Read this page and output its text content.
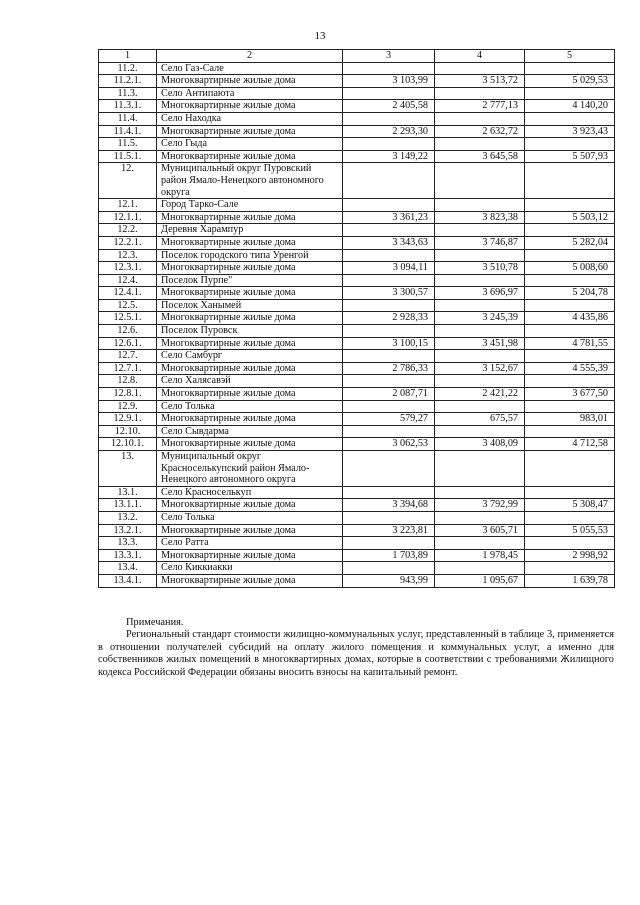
13
1	2	3	4	5
11.2.	Село Газ-Сале			
11.2.1.	Многоквартирные жилые дома	3 103,99	3 513,72	5 029,53
11.3.	Село Антипаюта			
11.3.1.	Многоквартирные жилые дома	2 405,58	2 777,13	4 140,20
11.4.	Село Находка			
11.4.1.	Многоквартирные жилые дома	2 293,30	2 632,72	3 923,43
11.5.	Село Гыда			
11.5.1.	Многоквартирные жилые дома	3 149,22	3 645,58	5 507,93
12.	Муниципальный округ Пуровский район Ямало-Ненецкого автономного округа			
12.1.	Город Тарко-Сале			
12.1.1.	Многоквартирные жилые дома	3 361,23	3 823,38	5 503,12
12.2.	Деревня Харампур			
12.2.1.	Многоквартирные жилые дома	3 343,63	3 746,87	5 282,04
12.3.	Поселок городского типа Уренгой			
12.3.1.	Многоквартирные жилые дома	3 094,11	3 510,78	5 008,60
12.4.	Поселок Пурпе"			
12.4.1.	Многоквартирные жилые дома	3 300,57	3 696,97	5 204,78
12.5.	Поселок Ханымей			
12.5.1.	Многоквартирные жилые дома	2 928,33	3 245,39	4 435,86
12.6.	Поселок Пуровск			
12.6.1.	Многоквартирные жилые дома	3 100,15	3 451,98	4 781,55
12.7.	Село Самбург			
12.7.1.	Многоквартирные жилые дома	2 786,33	3 152,67	4 555,39
12.8.	Село Халясавэй			
12.8.1.	Многоквартирные жилые дома	2 087,71	2 421,22	3 677,50
12.9.	Село Толька			
12.9.1.	Многоквартирные жилые дома	579,27	675,57	983,01
12.10.	Село Сывдарма			
12.10.1.	Многоквартирные жилые дома	3 062,53	3 408,09	4 712,58
13.	Муниципальный округ Красноселькупский район Ямало-Ненецкого автономного округа			
13.1.	Село Красноселькуп			
13.1.1.	Многоквартирные жилые дома	3 394,68	3 792,99	5 308,47
13.2.	Село Толька			
13.2.1.	Многоквартирные жилые дома	3 223,81	3 605,71	5 055,53
13.3.	Село Ратта			
13.3.1.	Многоквартирные жилые дома	1 703,89	1 978,45	2 998,92
13.4.	Село Киккиакки			
13.4.1.	Многоквартирные жилые дома	943,99	1 095,67	1 639,78

Примечания.

Региональный стандарт стоимости жилищно-коммунальных услуг, представленный в таблице 3, применяется в отношении получателей субсидий на оплату жилого помещения и коммунальных услуг, а именно для собственников жилых помещений в многоквартирных домах, которые в соответствии с требованиями Жилищного кодекса Российской Федерации обязаны вносить взносы на капитальный ремонт.
